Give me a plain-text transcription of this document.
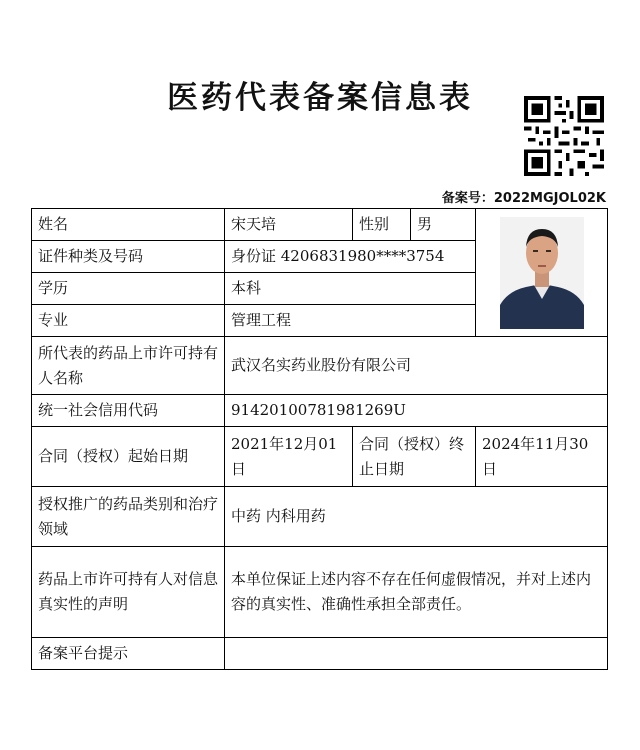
医药代表备案信息表
备案号：2022MGJOL02K
姓名	宋天培	性别	男	

证件种类及号码	身份证 4206831980****3754			
学历	本科			
专业	管理工程			
所代表的药品上市许可持有人名称	武汉名实药业股份有限公司			
统一社会信用代码	91420100781981269U			
合同（授权）起始日期	2021年12月01日	合同（授权）终止日期		2024年11月30日
授权推广的药品类别和治疗领域	中药 内科用药			
药品上市许可持有人对信息真实性的声明	本单位保证上述内容不存在任何虚假情况，并对上述内容的真实性、准确性承担全部责任。			
备案平台提示				
